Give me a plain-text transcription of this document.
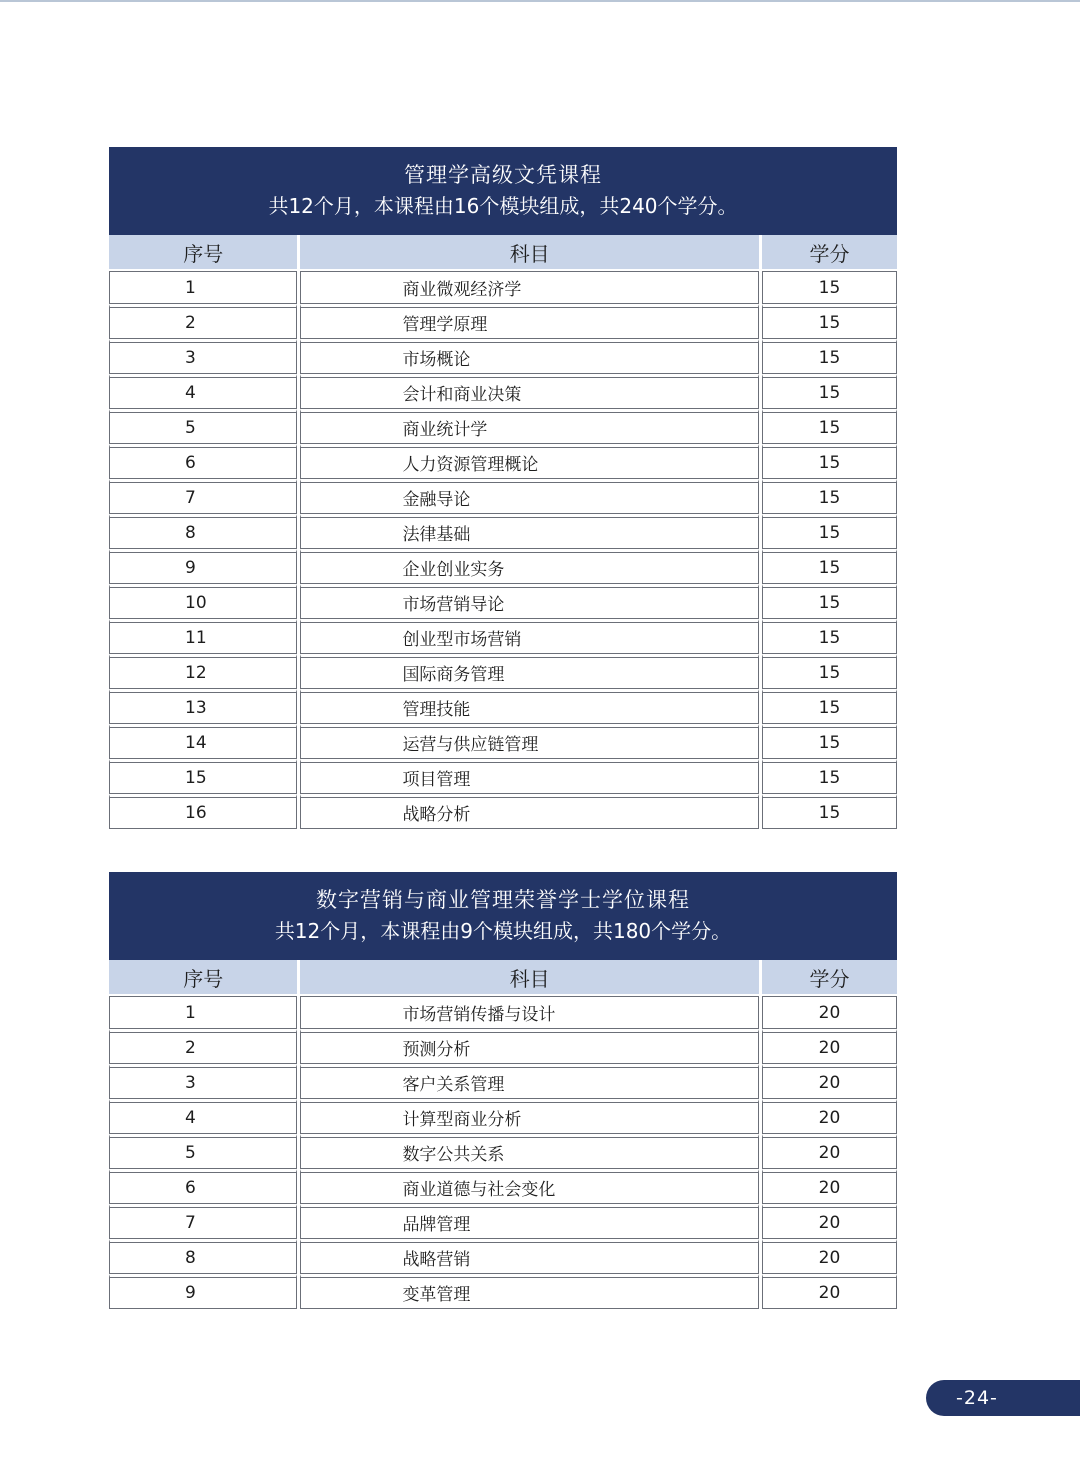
管理学高级文凭课程
共12个月，本课程由16个模块组成，共240个学分。
序号	科目	学分
1	商业微观经济学	15
2	管理学原理	15
3	市场概论	15
4	会计和商业决策	15
5	商业统计学	15
6	人力资源管理概论	15
7	金融导论	15
8	法律基础	15
9	企业创业实务	15
10	市场营销导论	15
11	创业型市场营销	15
12	国际商务管理	15
13	管理技能	15
14	运营与供应链管理	15
15	项目管理	15
16	战略分析	15
数字营销与商业管理荣誉学士学位课程
共12个月，本课程由9个模块组成，共180个学分。
序号	科目	学分
1	市场营销传播与设计	20
2	预测分析	20
3	客户关系管理	20
4	计算型商业分析	20
5	数字公共关系	20
6	商业道德与社会变化	20
7	品牌管理	20
8	战略营销	20
9	变革管理	20
-24-
